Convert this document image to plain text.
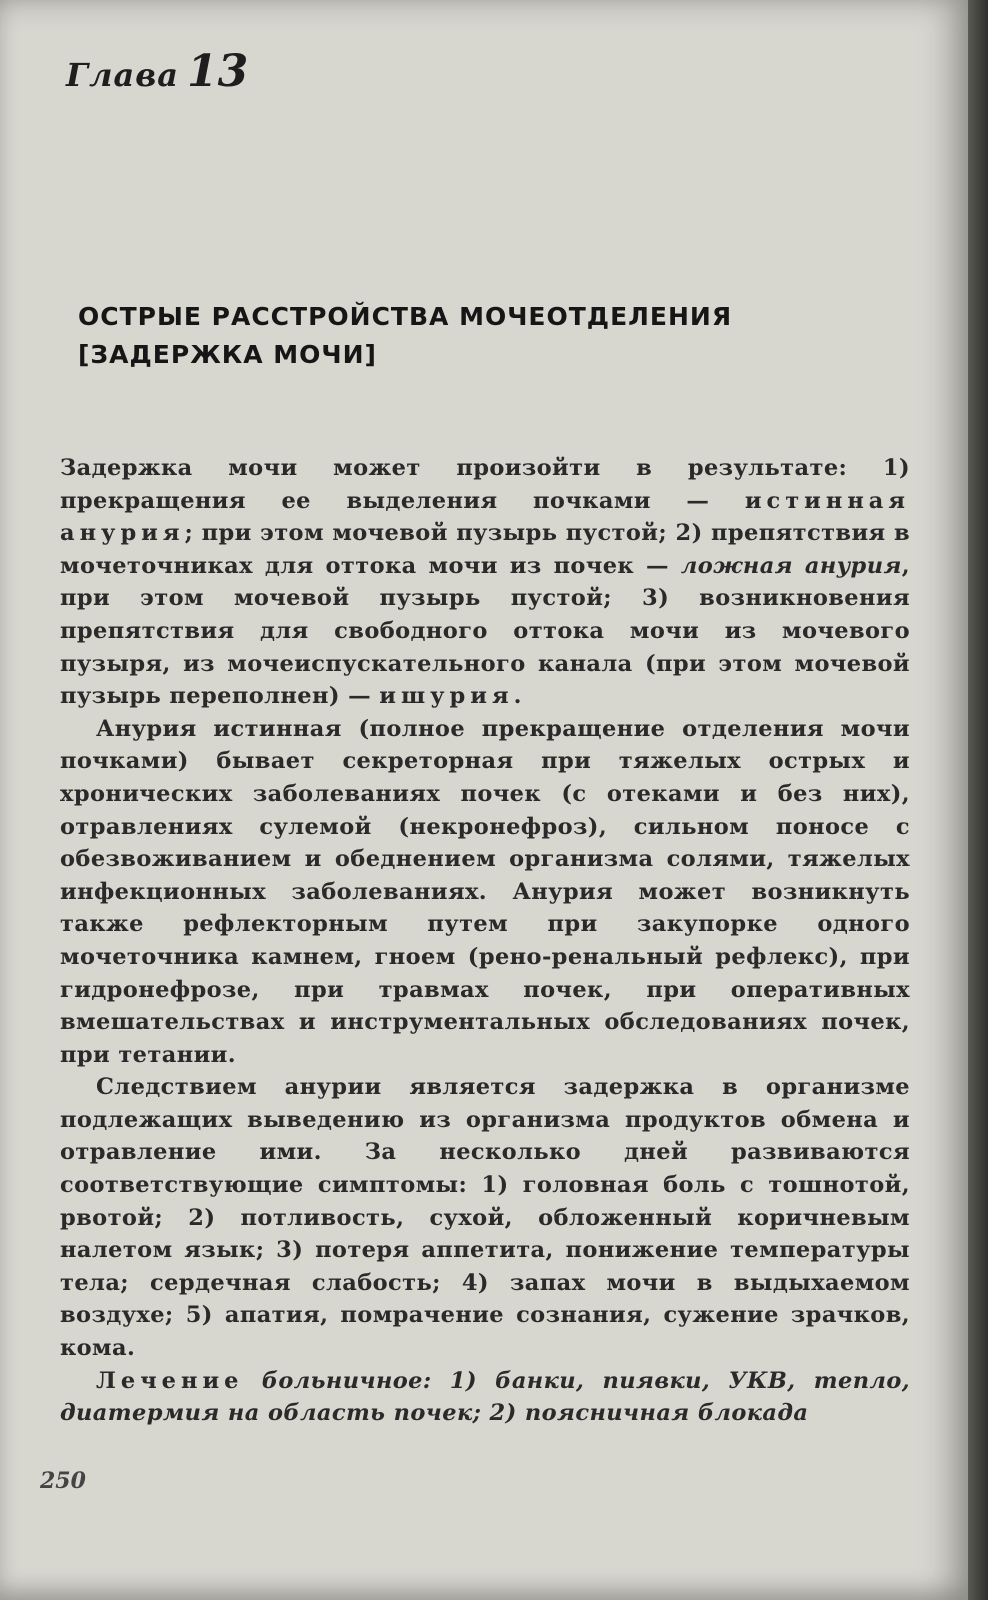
Глава 13
ОСТРЫЕ РАССТРОЙСТВА МОЧЕОТДЕЛЕНИЯ
[ЗАДЕРЖКА МОЧИ]

Задержка мочи может произойти в результате: 1) прекращения ее выделения почками — истинная анурия; при этом мочевой пузырь пустой; 2) препятствия в мочеточниках для оттока мочи из почек — ложная анурия, при этом мочевой пузырь пустой; 3) возникновения препятствия для свободного оттока мочи из мочевого пузыря, из мочеиспускательного канала (при этом мочевой пузырь переполнен) — ишурия.

Анурия истинная (полное прекращение отделения мочи почками) бывает секреторная при тяжелых острых и хронических заболеваниях почек (с отеками и без них), отравлениях сулемой (некронефроз), сильном поносе с обезвоживанием и обеднением организма солями, тяжелых инфекционных заболеваниях. Анурия может возникнуть также рефлекторным путем при закупорке одного мочеточника камнем, гноем (рено-ренальный рефлекс), при гидронефрозе, при травмах почек, при оперативных вмешательствах и инструментальных обследованиях почек, при тетании.

Следствием анурии является задержка в организме подлежащих выведению из организма продуктов обмена и отравление ими. За несколько дней развиваются соответствующие симптомы: 1) головная боль с тошнотой, рвотой; 2) потливость, сухой, обложенный коричневым налетом язык; 3) потеря аппетита, понижение температуры тела; сердечная слабость; 4) запах мочи в выдыхаемом воздухе; 5) апатия, помрачение сознания, сужение зрачков, кома.

Лечение больничное: 1) банки, пиявки, УКВ, тепло, диатермия на область почек; 2) поясничная блокада

250
